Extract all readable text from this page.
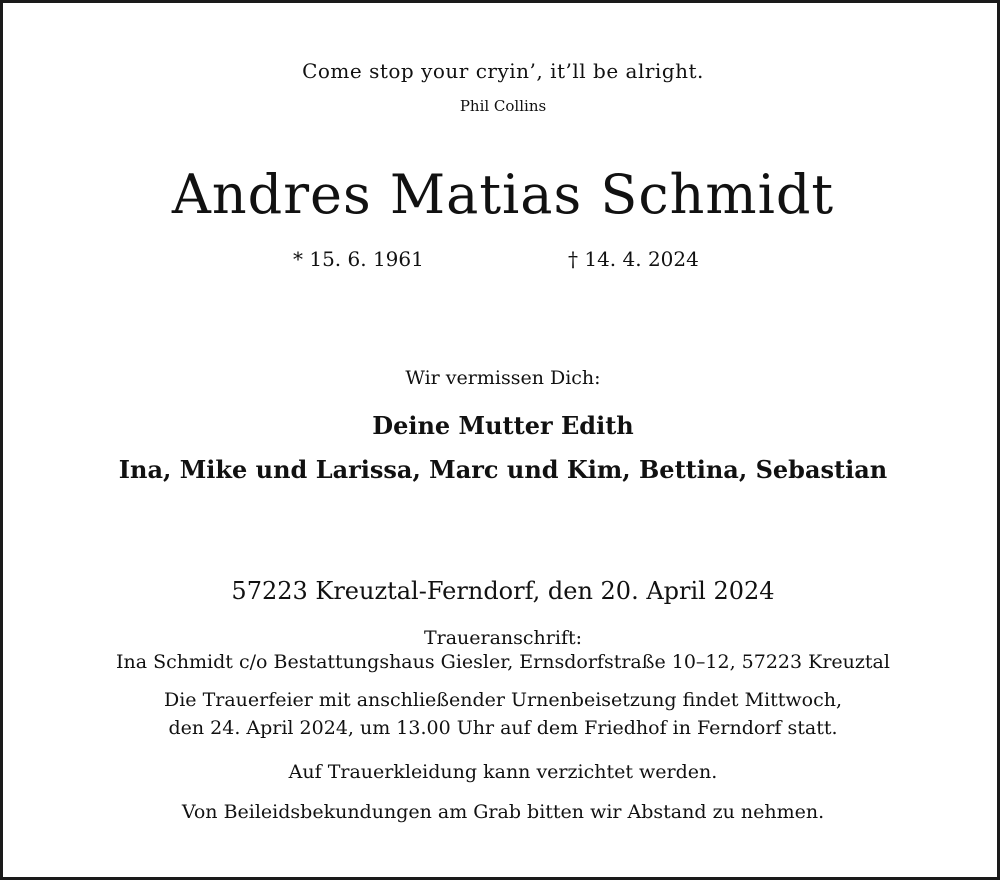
Come stop your cryin’, it’ll be alright.
Phil Collins
Andres Matias Schmidt
* 15. 6. 1961	† 14. 4. 2024
Wir vermissen Dich:
Deine Mutter Edith
Ina, Mike und Larissa, Marc und Kim, Bettina, Sebastian
57223 Kreuztal-Ferndorf, den 20. April 2024
Traueranschrift:
Ina Schmidt c/o Bestattungshaus Giesler, Ernsdorfstraße 10–12, 57223 Kreuztal
Die Trauerfeier mit anschließender Urnenbeisetzung findet Mittwoch,
den 24. April 2024, um 13.00 Uhr auf dem Friedhof in Ferndorf statt.
Auf Trauerkleidung kann verzichtet werden.
Von Beileidsbekundungen am Grab bitten wir Abstand zu nehmen.
